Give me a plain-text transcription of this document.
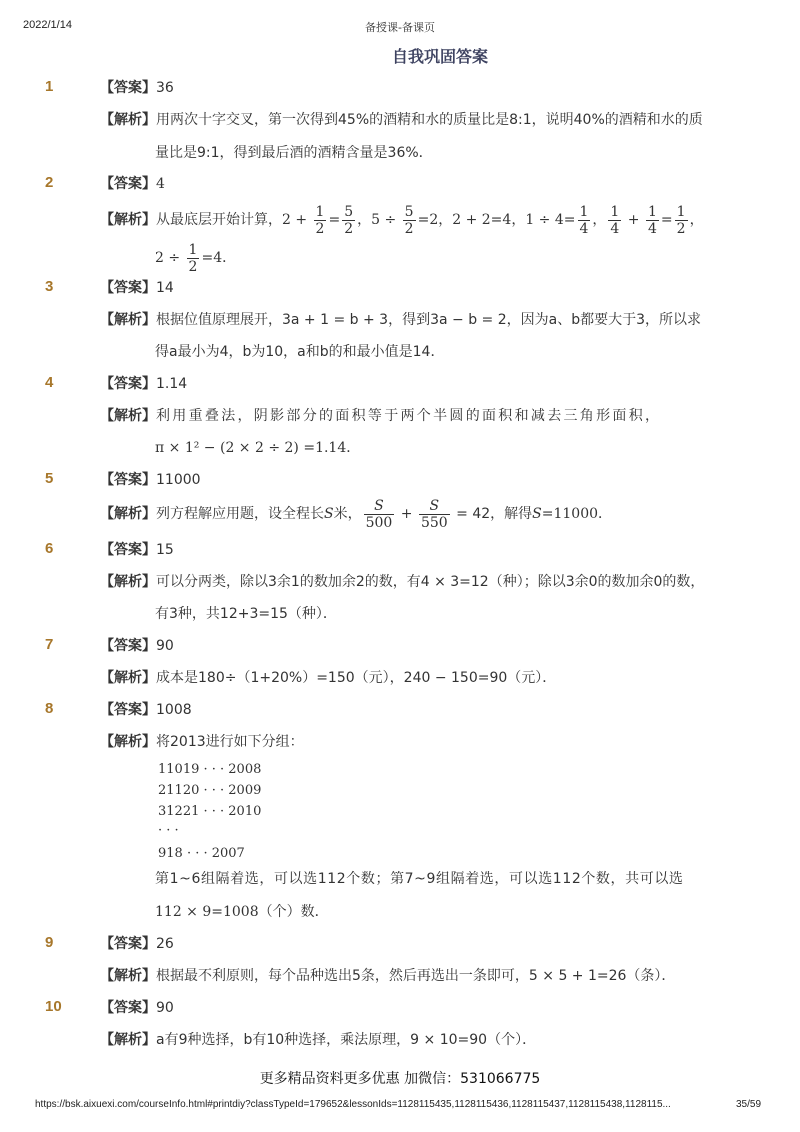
2022/1/14	备授课-备课页
自我巩固答案
1	【答案】36
【解析】用两次十字交叉，第一次得到45%的酒精和水的质量比是8:1，说明40%的酒精和水的质
量比是9:1，得到最后酒的酒精含量是36%．
2	【答案】4
【解析】从最底层开始计算，$2 + \frac{1}{2} = \frac{5}{2}$ ，$5 \div \frac{5}{2} =2$，2 + 2=4，$1 \div 4= \frac{1}{4}$ ， $\frac{1}{4} + \frac{1}{4} = \frac{1}{2}$ ，
$2 \div \frac{1}{2} =4$．
3	【答案】14
【解析】根据位值原理展开，3a + 1 = b + 3，得到3a − b = 2，因为a、b都要大于3，所以求
得a最小为4，b为10，a和b的和最小值是14．
4	【答案】1.14
【解析】利用重叠法，阴影部分的面积等于两个半圆的面积和减去三角形面积，
π × 1² − (2 × 2 ÷ 2) =1.14．
5	【答案】11000
【解析】列方程解应用题，设全程长S米， $\frac{S}{500} + \frac{S}{550} = 42$，解得S=11000．
6	【答案】15
【解析】可以分两类，除以3余1的数加余2的数，有4 × 3=12（种）；除以3余0的数加余0的数，
有3种，共12+3=15（种）．
7	【答案】90
【解析】成本是180÷（1+20%）=150（元），240 − 150=90（元）．
8	【答案】1008
【解析】将2013进行如下分组：
11019 · · · 2008
21120 · · · 2009
31221 · · · 2010
· · ·
918 · · · 2007
第1~6组隔着选，可以选112个数；第7~9组隔着选，可以选112个数，共可以选
112 × 9=1008（个）数．
9	【答案】26
【解析】根据最不利原则，每个品种选出5条，然后再选出一条即可，5 × 5 + 1=26（条）．
10	【答案】90
【解析】a有9种选择，b有10种选择，乘法原理，9 × 10=90（个）．
更多精品资料更多优惠 加微信：531066775
https://bsk.aixuexi.com/courseInfo.html#printdiy?classTypeId=179652&lessonIds=1128115435,1128115436,1128115437,1128115438,1128115...	35/59
